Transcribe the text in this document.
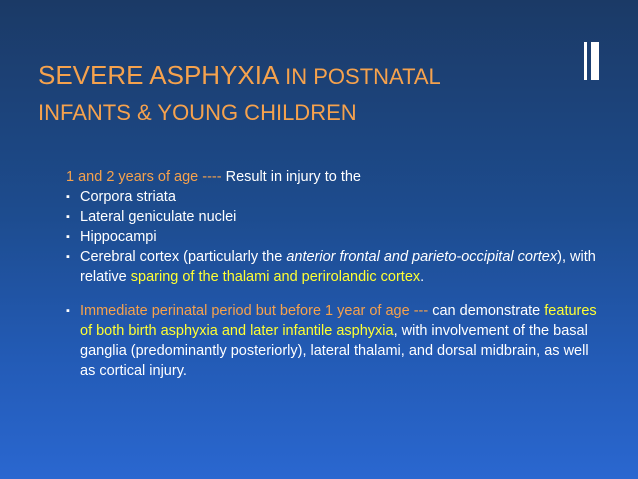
SEVERE ASPHYXIA IN POSTNATAL
INFANTS & YOUNG CHILDREN

1 and 2 years of age ---- Result in injury to the

▪ Corpora striata

▪ Lateral geniculate nuclei

▪ Hippocampi

▪ Cerebral cortex (particularly the anterior frontal and parieto-occipital cortex), with relative sparing of the thalami and perirolandic cortex.

▪ Immediate perinatal period but before 1 year of age --- can demonstrate features of both birth asphyxia and later infantile asphyxia, with involvement of the basal ganglia (predominantly posteriorly), lateral thalami, and dorsal midbrain, as well as cortical injury.
